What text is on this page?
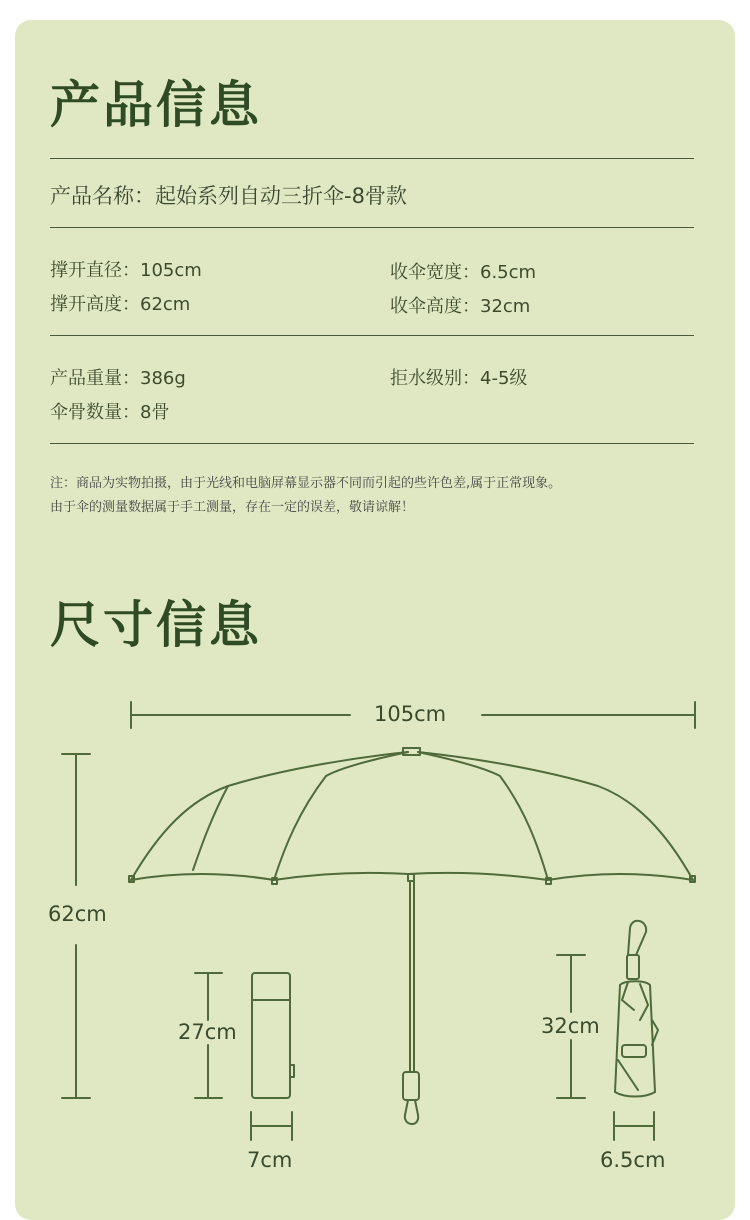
产品信息
产品名称：起始系列自动三折伞-8骨款
撑开直径：105cm	收伞宽度：6.5cm
撑开高度：62cm	收伞高度：32cm
产品重量：386g	拒水级别：4-5级
伞骨数量：8骨
注：商品为实物拍摄，由于光线和电脑屏幕显示器不同而引起的些许色差,属于正常现象。
由于伞的测量数据属于手工测量，存在一定的误差，敬请谅解！
尺寸信息
105cm
62cm
27cm
7cm
32cm
6.5cm
